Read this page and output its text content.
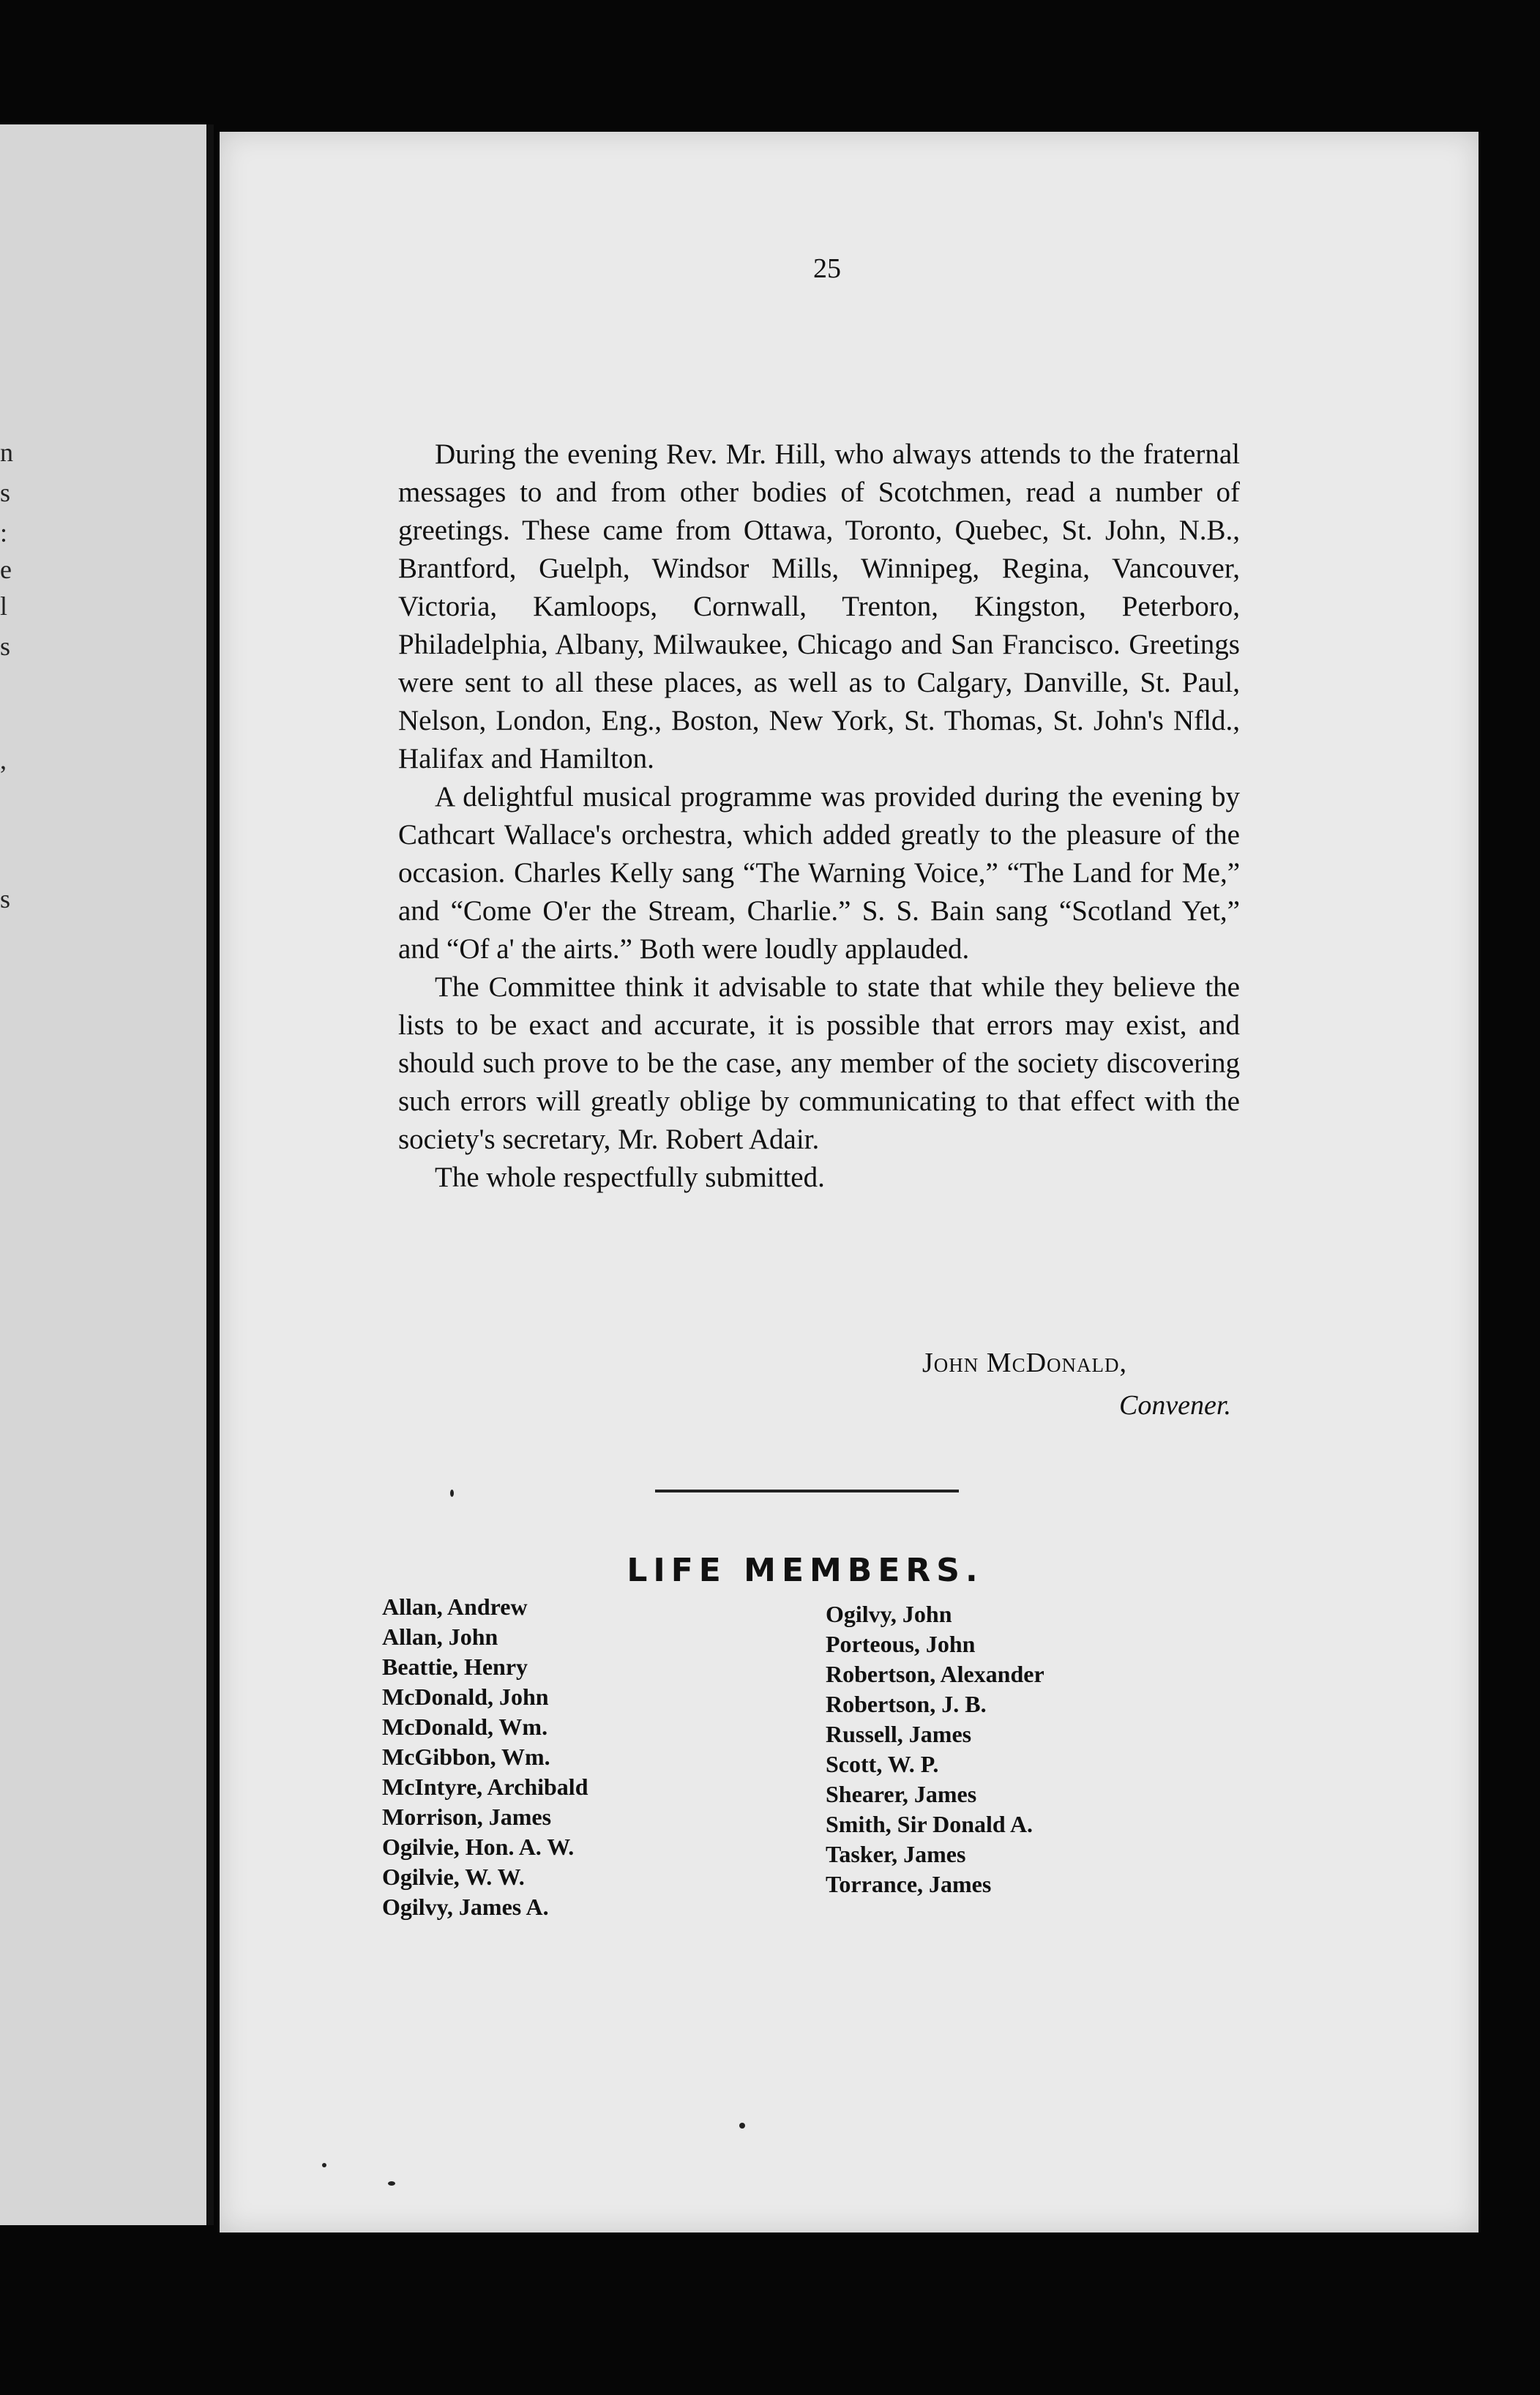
n
s
:
e
l
s
,
s
25

During the evening Rev. Mr. Hill, who always attends to the fraternal messages to and from other bodies of Scotchmen, read a number of greetings. These came from Ottawa, Toronto, Quebec, St. John, N.B., Brantford, Guelph, Windsor Mills, Winnipeg, Regina, Vancouver, Victoria, Kamloops, Cornwall, Trenton, Kingston, Peterboro, Philadelphia, Albany, Milwaukee, Chicago and San Francisco. Greetings were sent to all these places, as well as to Calgary, Danville, St. Paul, Nelson, London, Eng., Boston, New York, St. Thomas, St. John's Nfld., Halifax and Hamilton.

A delightful musical programme was provided during the evening by Cathcart Wallace's orchestra, which added greatly to the pleasure of the occasion. Charles Kelly sang “The Warning Voice,” “The Land for Me,” and “Come O'er the Stream, Charlie.” S. S. Bain sang “Scotland Yet,” and “Of a' the airts.” Both were loudly applauded.

The Committee think it advisable to state that while they believe the lists to be exact and accurate, it is possible that errors may exist, and should such prove to be the case, any member of the society discovering such errors will greatly oblige by communicating to that effect with the society's secretary, Mr. Robert Adair.

The whole respectfully submitted.

John McDonald,
Convener.
LIFE MEMBERS.
Allan, Andrew
Allan, John
Beattie, Henry
McDonald, John
McDonald, Wm.
McGibbon, Wm.
McIntyre, Archibald
Morrison, James
Ogilvie, Hon. A. W.
Ogilvie, W. W.
Ogilvy, James A.
Ogilvy, John
Porteous, John
Robertson, Alexander
Robertson, J. B.
Russell, James
Scott, W. P.
Shearer, James
Smith, Sir Donald A.
Tasker, James
Torrance, James
